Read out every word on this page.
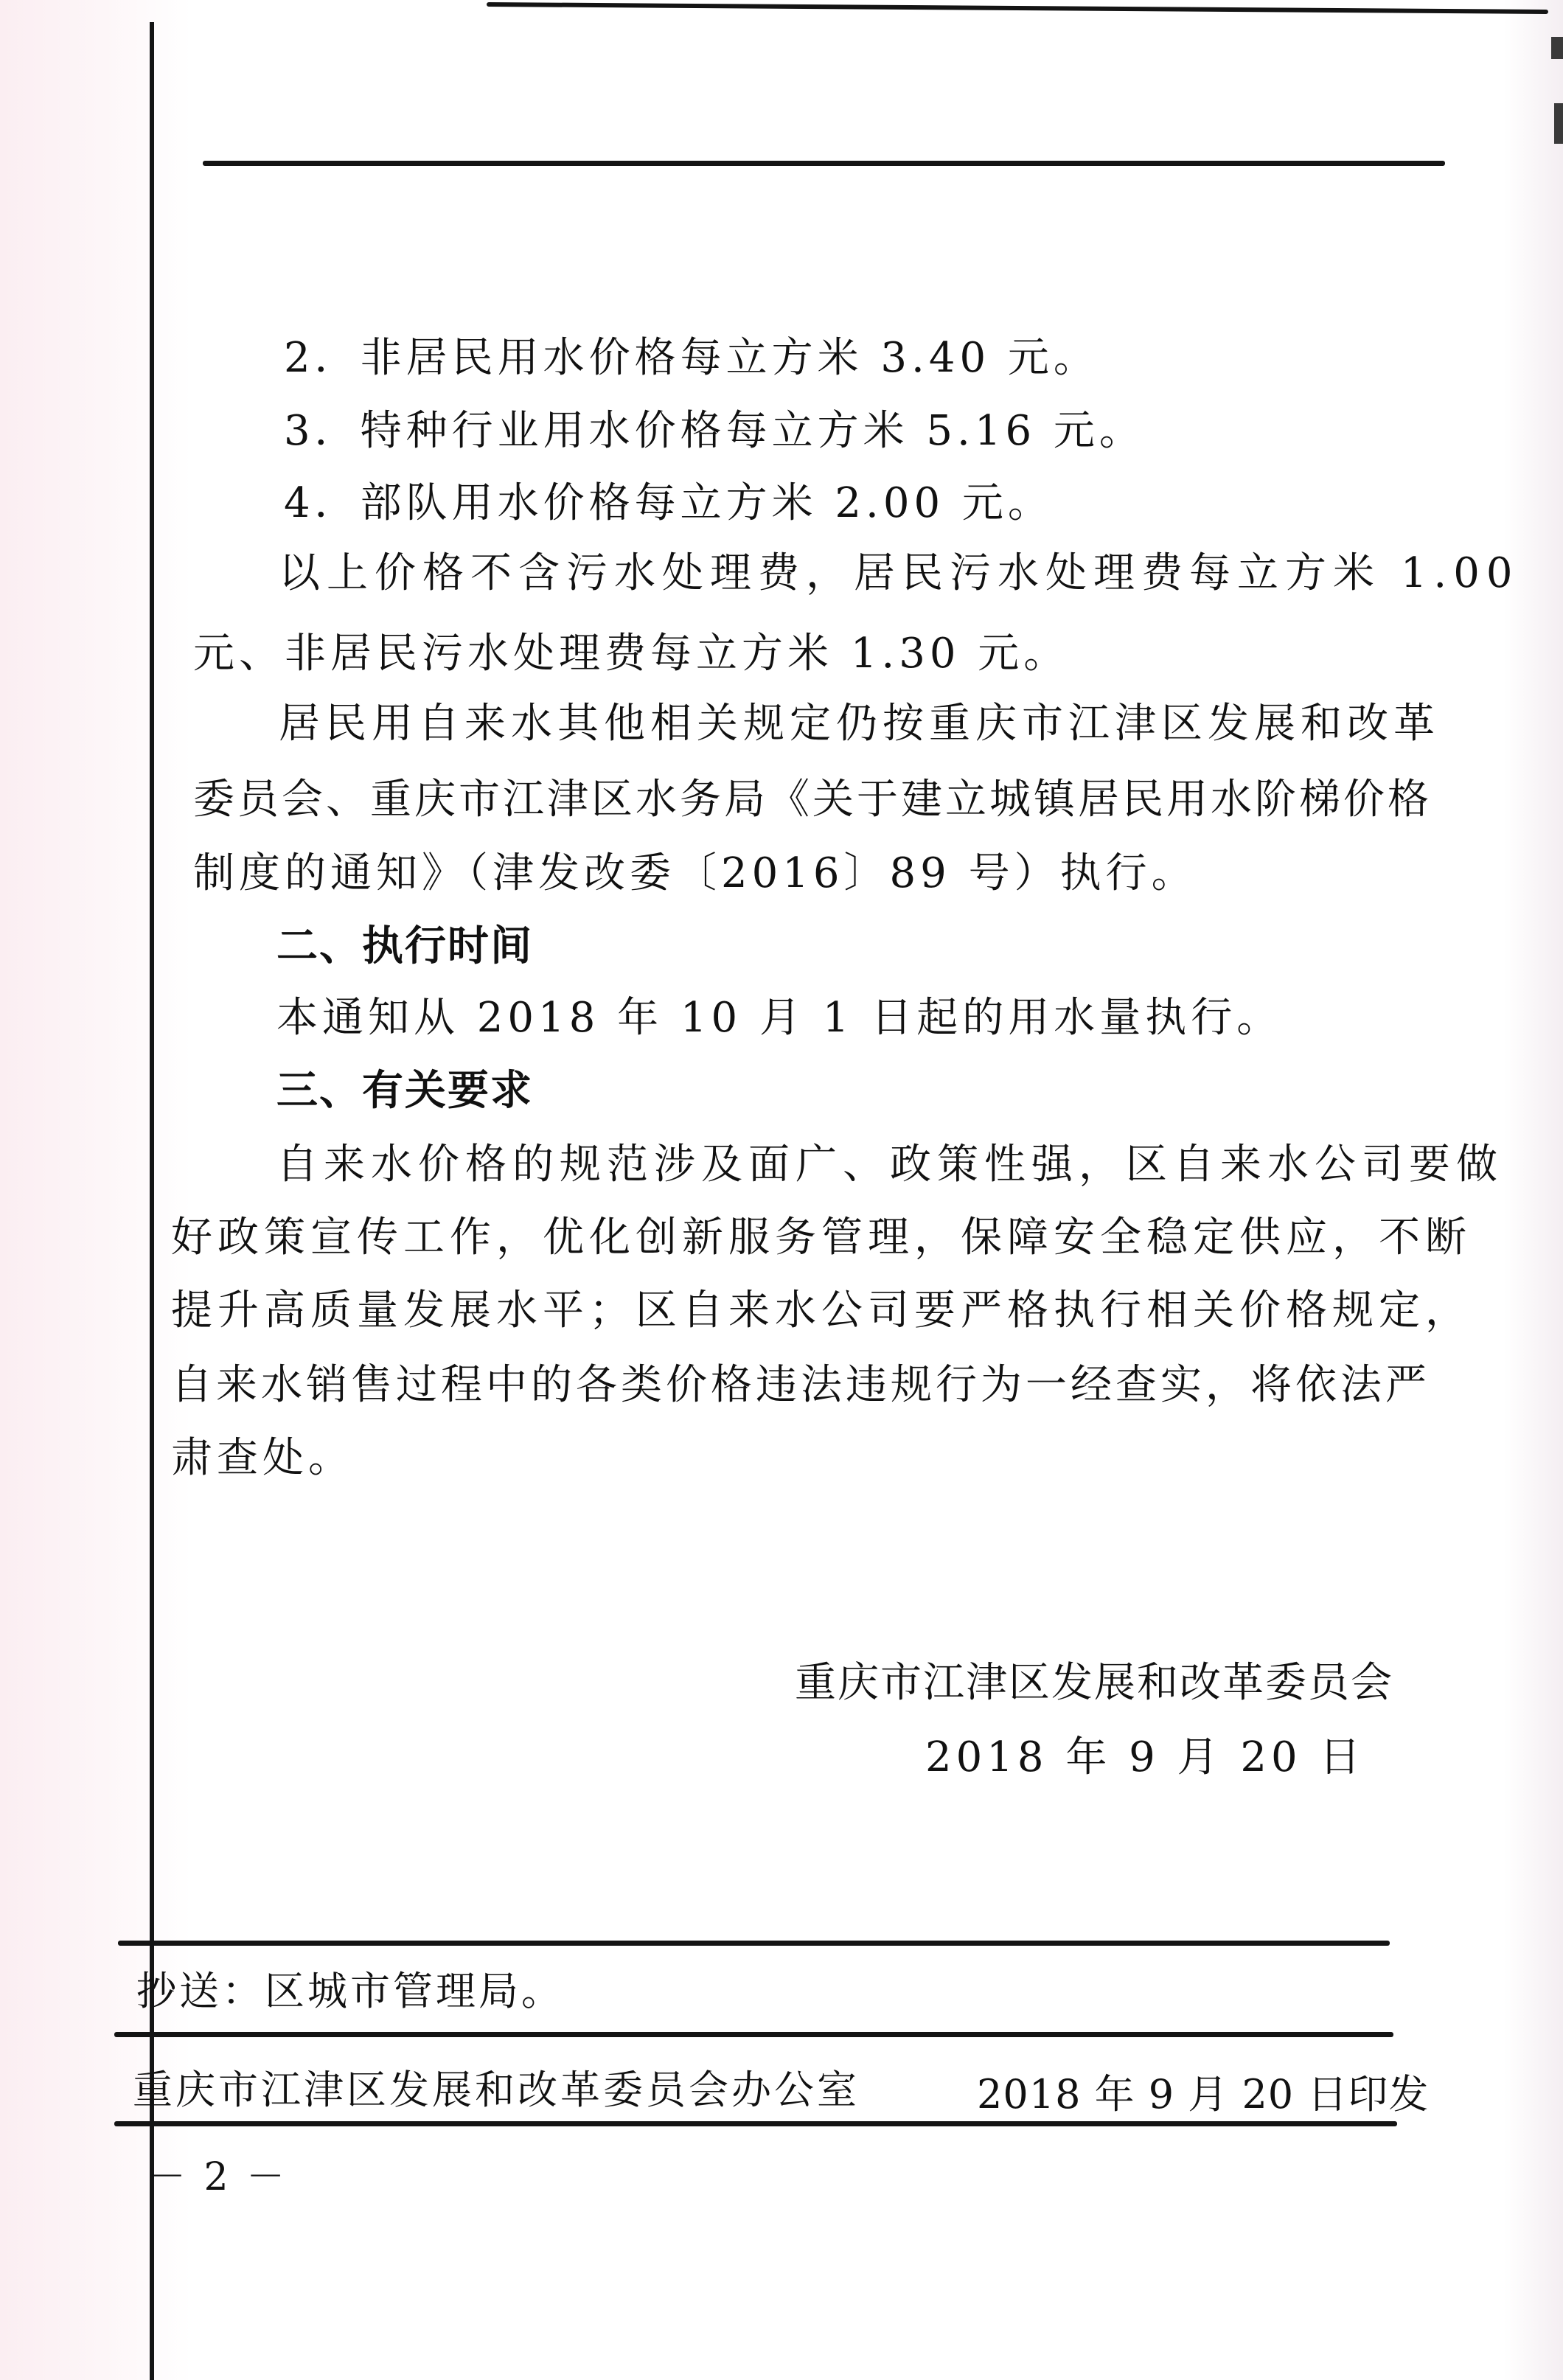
2．非居民用水价格每立方米 3.40 元。
3．特种行业用水价格每立方米 5.16 元。
4．部队用水价格每立方米 2.00 元。
以上价格不含污水处理费，居民污水处理费每立方米 1.00
元、非居民污水处理费每立方米 1.30 元。
居民用自来水其他相关规定仍按重庆市江津区发展和改革
委员会、重庆市江津区水务局《关于建立城镇居民用水阶梯价格
制度的通知》（津发改委〔2016〕89 号）执行。
二、执行时间
本通知从 2018 年 10 月 1 日起的用水量执行。
三、有关要求
自来水价格的规范涉及面广、政策性强，区自来水公司要做
好政策宣传工作，优化创新服务管理，保障安全稳定供应，不断
提升高质量发展水平；区自来水公司要严格执行相关价格规定，
自来水销售过程中的各类价格违法违规行为一经查实，将依法严
肃查处。
重庆市江津区发展和改革委员会
2018 年 9 月 20 日
抄送：区城市管理局。
重庆市江津区发展和改革委员会办公室	2018 年 9 月 20 日印发
－ 2 －
